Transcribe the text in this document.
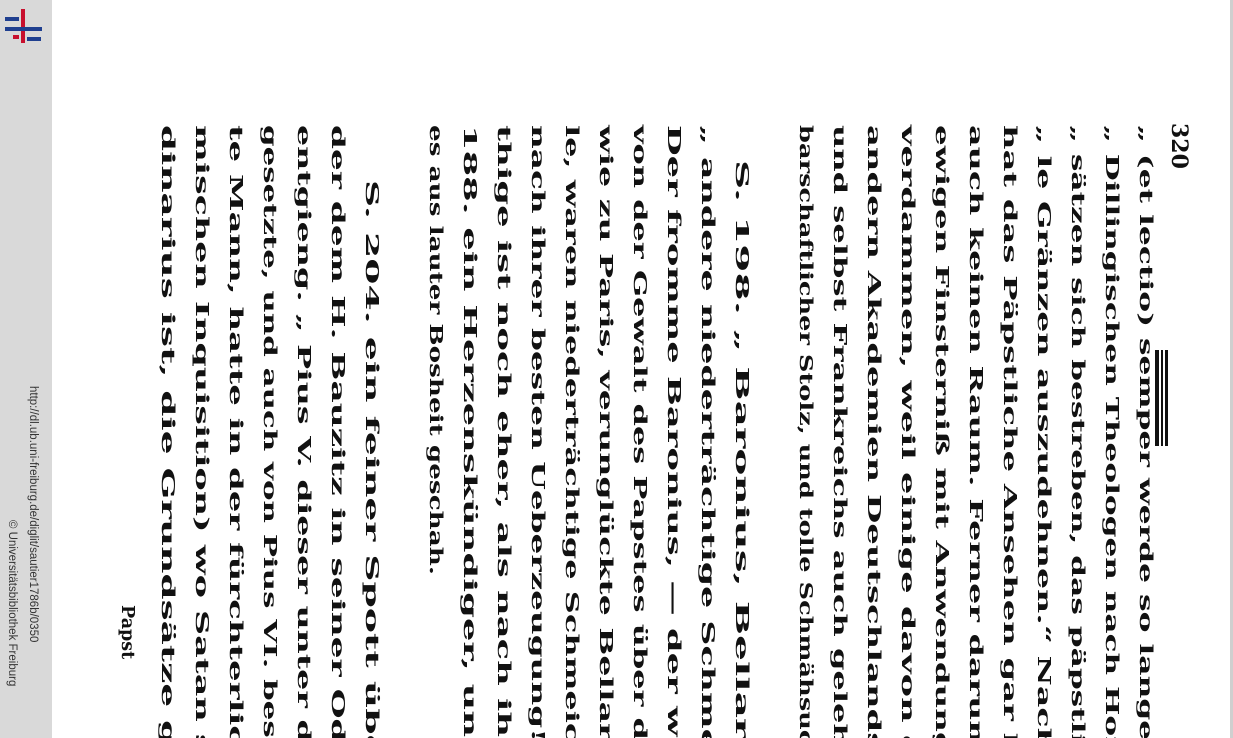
http://dl.ub.uni-freiburg.de/diglit/sautier1786b/0350
© Universitätsbibliothek Freiburg
320
„ (et lectio) semper werde so lange wahr bleiben, als die
„ Dillingischen Theologen nach Hofemannischen Grund-
„ sätzen sich bestreben, das päpstliche Ansehen über al-
„ le Gränzen auszudehnen.“ Nach dem Freymüthigen
hat das Päpstliche Ansehen gar keine Gränzen, aber
auch keinen Raum. Ferner darum eine Akademie zur
ewigen Finsterniß mit Anwendung eines Knittelverses
verdammen, weil einige davon das lehren, was auf
andern Akademien Deutschlands, Spaniens, Italiens
und selbst Frankreichs auch gelehret wird, ist unnach-
barschaftlicher Stolz, und tolle Schmähsucht.
S. 198. „ Baronius, Bellarmin, Cianda und
„ andere niederträchtige Schmeichler der Päpste.“
Der fromme Baronius, — der wegen seines Werks,
von der Gewalt des Papstes über das Zeitliche, zu Rom,
wie zu Paris, verunglückte Bellarmin, beyde Cardinä-
le, waren niederträchtige Schmeichler, schrieben nicht
nach ihrer besten Ueberzeugung! Gewiß, der Freymü-
thige ist noch eher, als nach ihm Hr. Hofemann S.
188. ein Herzenskündiger, und weiß genau, daß
es aus lauter Bosheit geschah.
S. 204. ein feiner Spott über die Inquisition,
der dem H. Bauzitz in seiner Ode auf dieselbe noch
entgieng. „ Pius V. dieser unter die Zahl der Heiligen
gesetzte, und auch von Pius VI. besonders hochgeschätz-
te Mann, hatte in der fürchterlichen Schule (der rö-
mischen Inquisition) wo Satan selbst Professor or-
dinarius ist, die Grundsätze gelernet, die er als
Papst
